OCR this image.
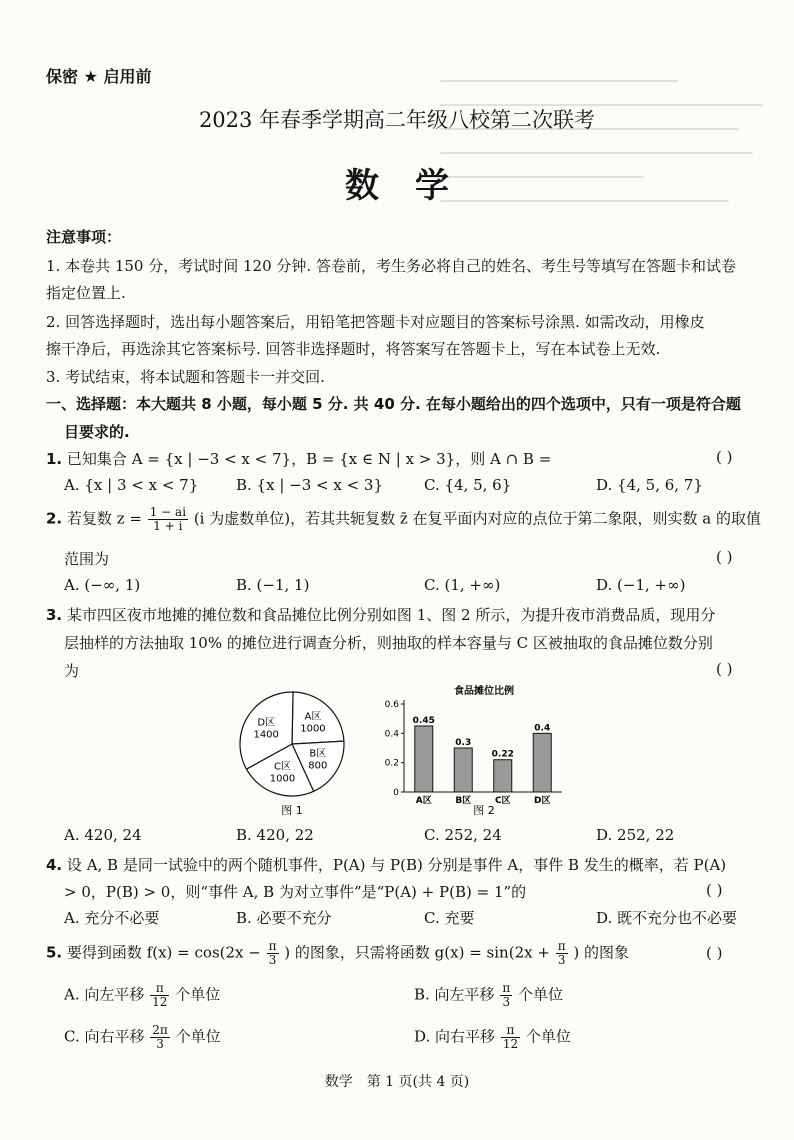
保密 ★ 启用前
2023 年春季学期高二年级八校第二次联考
数学
注意事项：
1. 本卷共 150 分，考试时间 120 分钟. 答卷前，考生务必将自己的姓名、考生号等填写在答题卡和试卷
指定位置上.
2. 回答选择题时，选出每小题答案后，用铅笔把答题卡对应题目的答案标号涂黑. 如需改动，用橡皮
擦干净后，再选涂其它答案标号. 回答非选择题时，将答案写在答题卡上，写在本试卷上无效.
3. 考试结束，将本试题和答题卡一并交回.
一、选择题：本大题共 8 小题，每小题 5 分. 共 40 分. 在每小题给出的四个选项中，只有一项是符合题
目要求的.
1. 已知集合 A = {x | −3 < x < 7}，B = {x ∈ N | x > 3}，则 A ∩ B =	( )
A. {x | 3 < x < 7}	B. {x | −3 < x < 3}	C. {4, 5, 6}	D. {4, 5, 6, 7}
2. 若复数 $z = \frac{1 - ai}{1 + i} (i$ 为虚数单位)，若其共轭复数 z̄ 在复平面内对应的点位于第二象限，则实数 a 的取值
范围为	( )
A. (−∞, 1)	B. (−1, 1)	C. (1, +∞)	D. (−1, +∞)
3. 某市四区夜市地摊的摊位数和食品摊位比例分别如图 1、图 2 所示，为提升夜市消费品质，现用分
层抽样的方法抽取 10% 的摊位进行调查分析，则抽取的样本容量与 C 区被抽取的食品摊位数分别
为	( )
A区
1000
B区
800
C区
1000
D区
1400
图 1
食品摊位比例
0
0.2
0.4
0.6
0.45
A区
0.3
B区
0.22
C区
0.4
D区
图 2
A. 420, 24	B. 420, 22	C. 252, 24	D. 252, 22
4. 设 A, B 是同一试验中的两个随机事件，P(A) 与 P(B) 分别是事件 A，事件 B 发生的概率，若 P(A)
> 0，P(B) > 0，则“事件 A, B 为对立事件”是“P(A) + P(B) = 1”的	( )
A. 充分不必要	B. 必要不充分	C. 充要	D. 既不充分也不必要
5. 要得到函数 $f(x) = \cos(2x - \frac{\pi}{3}$ ) 的图象，只需将函数 $g(x) = \sin(2x + \frac{\pi}{3}$ ) 的图象	( )
A. 向左平移 $\frac{\pi}{12}$ 个单位	B. 向左平移 $\frac{\pi}{3}$ 个单位
C. 向右平移 $\frac{2\pi}{3}$ 个单位	D. 向右平移 $\frac{\pi}{12}$ 个单位
数学　第 1 页(共 4 页)
